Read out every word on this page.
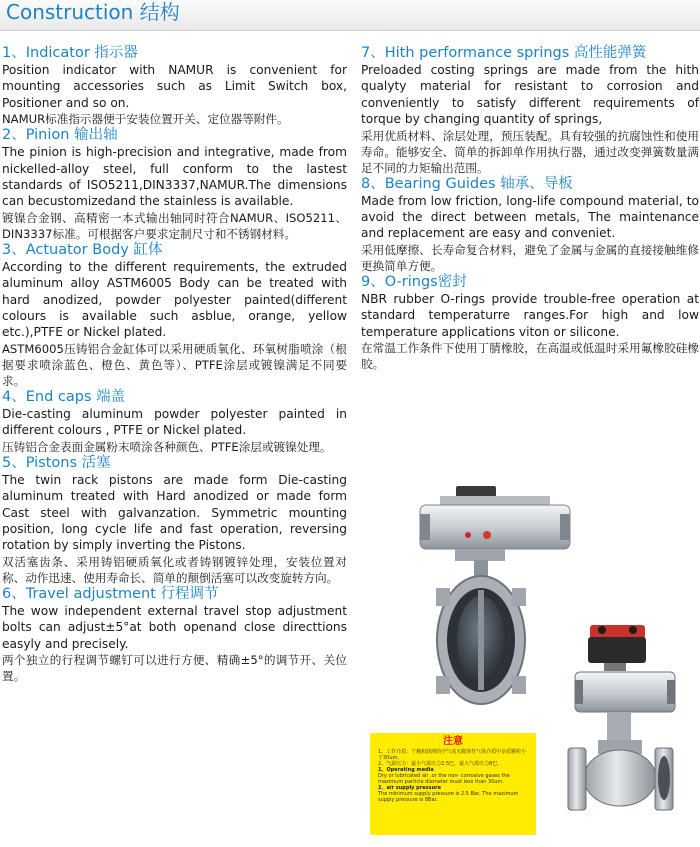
Construction 结构
1、Indicator 指示器

Position indicator with NAMUR is convenient for mounting accessories such as Limit Switch box, Positioner and so on.

NAMUR标准指示器便于安装位置开关、定位器等附件。

2、Pinion 输出轴

The pinion is high-precision and integrative, made from nickelled-alloy steel, full conform to the lastest standards of ISO5211,DIN3337,NAMUR.The dimensions can becustomizedand the stainless is available.

镀镍合金钢、高精密一本式输出轴同时符合NAMUR、ISO5211、DIN3337标准。可根据客户要求定制尺寸和不锈钢材料。

3、Actuator Body 缸体

According to the different requirements, the extruded aluminum alloy ASTM6005 Body can be treated with hard anodized, powder polyester painted(different colours is available such asblue, orange, yellow etc.),PTFE or Nickel plated.

ASTM6005压铸铝合金缸体可以采用硬质氧化、环氧树脂喷涂（根据要求喷涂蓝色、橙色、黄色等）、PTFE涂层或镀镍满足不同要求。

4、End caps 端盖

Die-casting aluminum powder polyester painted in different colours , PTFE or Nickel plated.

压铸铝合金表面金属粉末喷涂各种颜色、PTFE涂层或镀镍处理。

5、Pistons 活塞

The twin rack pistons are made form Die-casting aluminum treated with Hard anodized or made form Cast steel with galvanzation. Symmetric mounting position, long cycle life and fast operation, reversing rotation by simply inverting the Pistons.

双活塞齿条、采用铸铝硬质氧化或者铸钢镀锌处理，安装位置对称、动作迅速、使用寿命长、简单的颠倒活塞可以改变旋转方向。

6、Travel adjustment 行程调节

The wow independent external travel stop adjustment bolts can adjust±5°at both openand close directtions easyly and precisely.

两个独立的行程调节螺钉可以进行方便、精确±5°的调节开、关位置。

7、Hith performance springs 高性能弹簧

Preloaded costing springs are made from the hith qualyty material for resistant to corrosion and conveniently to satisfy different requirements of torque by changing quantity of springs,

采用优质材料、涂层处理，预压装配。具有较强的抗腐蚀性和使用寿命。能够安全、简单的拆卸单作用执行器，通过改变弹簧数量满足不同的力矩输出范围。

8、Bearing Guides 轴承、导板

Made from low friction, long-life compound material, to avoid the direct between metals, The maintenance and replacement are easy and conveniet.

采用低摩擦、长寿命复合材料，避免了金属与金属的直接接触维修更换简单方便。

9、O-rings密封

NBR rubber O-rings provide trouble-free operation at standard temperaturre ranges.For high and low temperature applications viton or silicone.

在常温工作条件下使用丁腈橡胶，在高温或低温时采用氟橡胶硅橡胶。

注意
1、工作介质：干燥和润滑的空气或无腐蚀性气体介质中杂质颗粒小于30um。
2、气源压力：最小气源压力2.5巴，最大气源压力8巴。
1、Operating media
Dry or lubricated air ,or the non- corrosive gases the maximum particle diameter must less than 30um.
2、air supply pressure
The minimum supply pressure is 2.5 Bar, The maximum supply pressure is 8Bar.
